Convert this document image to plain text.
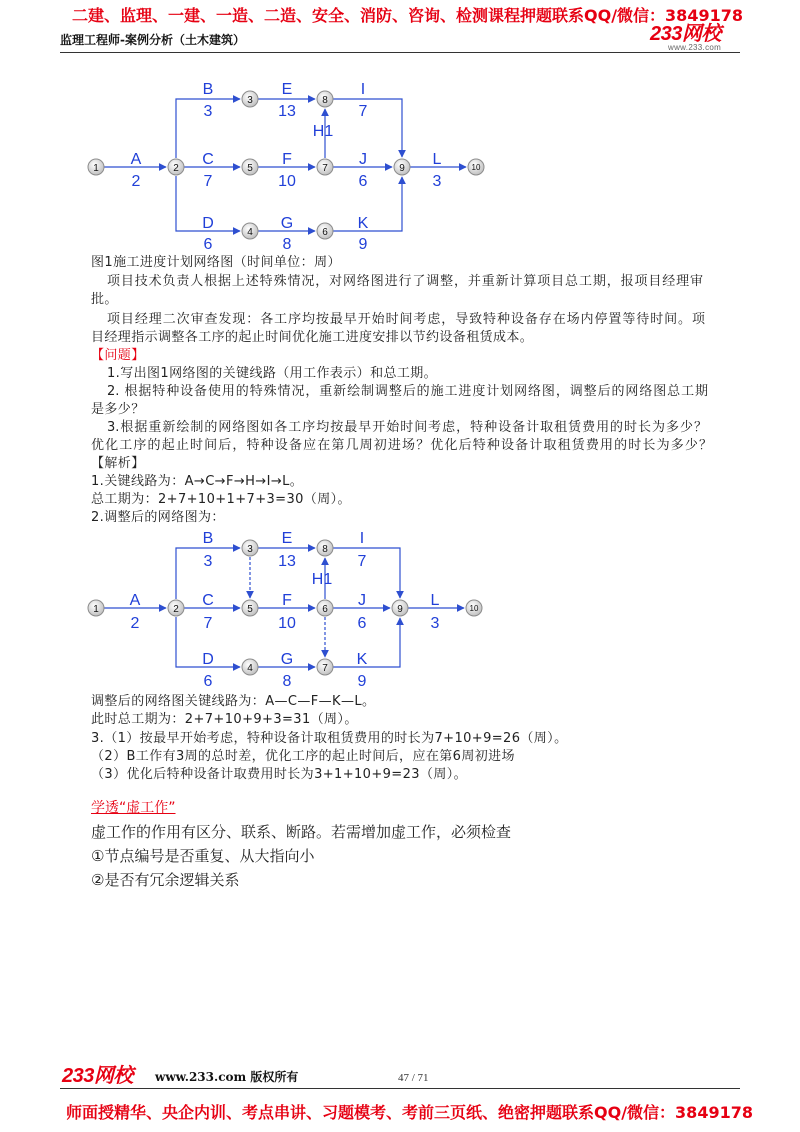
二建、监理、一建、一造、二造、安全、消防、咨询、检测课程押题联系QQ/微信：3849178
监理工程师-案例分析（土木建筑）	233网校
www.233.com
A
2
B
3
C
7
D
6
E
13
F
10
G
8
H1
I
7
J
6
K
9
L
3
1	2
3
4
5
6
7
8
9	10
图1施工进度计划网络图（时间单位：周）
项目技术负责人根据上述特殊情况，对网络图进行了调整，并重新计算项目总工期，报项目经理审
批。
项目经理二次审查发现：各工序均按最早开始时间考虑，导致特种设备存在场内停置等待时间。项
目经理指示调整各工序的起止时间优化施工进度安排以节约设备租赁成本。
【问题】
1.写出图1网络图的关键线路（用工作表示）和总工期。
2. 根据特种设备使用的特殊情况，重新绘制调整后的施工进度计划网络图，调整后的网络图总工期
是多少？
3.根据重新绘制的网络图如各工序均按最早开始时间考虑，特种设备计取租赁费用的时长为多少？
优化工序的起止时间后，特种设备应在第几周初进场？优化后特种设备计取租赁费用的时长为多少？
【解析】
1.关键线路为：A→C→F→H→I→L。
总工期为：2+7+10+1+7+3=30（周）。
2.调整后的网络图为：
A
2
B
3
C
7
D
6
E
13
F
10
G
8
H1
I
7
J
6
K
9
L
3
1	2
3
4
5	6
7
8
9	10
调整后的网络图关键线路为：A—C—F—K—L。
此时总工期为：2+7+10+9+3=31（周）。
3.（1）按最早开始考虑，特种设备计取租赁费用的时长为7+10+9=26（周）。
（2）B工作有3周的总时差，优化工序的起止时间后，应在第6周初进场
（3）优化后特种设备计取费用时长为3+1+10+9=23（周）。
学透“虚工作”
虚工作的作用有区分、联系、断路。若需增加虚工作，必须检查
①节点编号是否重复、从大指向小
②是否有冗余逻辑关系
233网校 www.233.com 版权所有	47 / 71
师面授精华、央企内训、考点串讲、习题模考、考前三页纸、绝密押题联系QQ/微信：3849178
